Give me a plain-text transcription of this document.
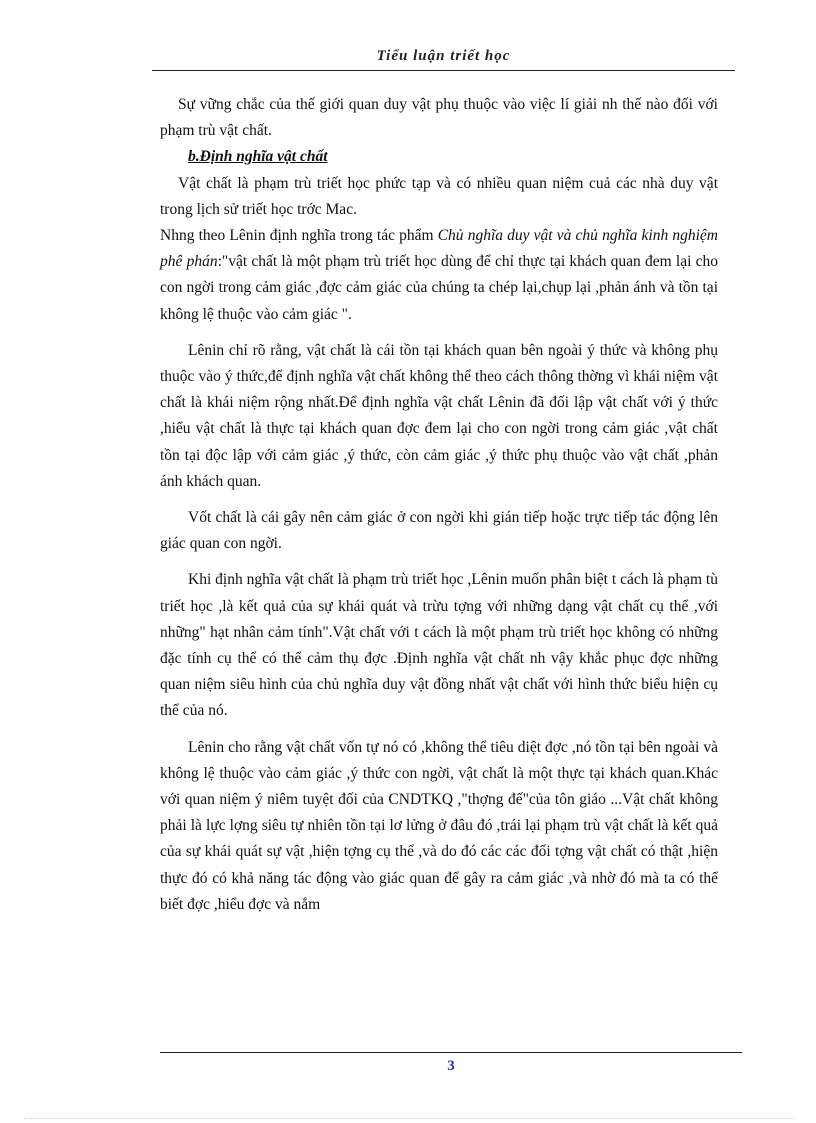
Tiểu luận triết học

Sự vững chắc của thế giới quan duy vật phụ thuộc vào việc lí giải nh thế nào đối với phạm trù vật chất.

b.Định nghĩa vật chất

Vật chất là phạm trù triết học phức tạp và có nhiều quan niệm cuả các nhà duy vật trong lịch sử triết học trớc Mac.

Nhng theo Lênin định nghĩa trong tác phẩm Chủ nghĩa duy vật và chủ nghĩa kinh nghiệm phê phán:"vật chất là một phạm trù triết học dùng để chỉ thực tại khách quan đem lại cho con ngời trong cảm giác ,đợc cảm giác của chúng ta chép lại,chụp lại ,phản ánh và tồn tại không lệ thuộc vào cảm giác ".

Lênin chỉ rõ rằng, vật chất là cái tồn tại khách quan bên ngoài ý thức và không phụ thuộc vào ý thức,để định nghĩa vật chất không thể theo cách thông thờng vì khái niệm vật chất là khái niệm rộng nhất.Để định nghĩa vật chất Lênin đã đối lập vật chất với ý thức ,hiểu vật chất là thực tại khách quan đợc đem lại cho con ngời trong cảm giác ,vật chất tồn tại độc lập với cảm giác ,ý thức, còn cảm giác ,ý thức phụ thuộc vào vật chất ,phản ánh khách quan.

Vốt chất là cái gây nên cảm giác ở con ngời khi gián tiếp hoặc trực tiếp tác động lên giác quan con ngời.

Khi định nghĩa vật chất là phạm trù triết học ,Lênin muốn phân biệt t cách là phạm tù triết học ,là kết quả của sự khái quát và trừu tợng với những dạng vật chất cụ thể ,với những" hạt nhân cảm tính".Vật chất với t cách là một phạm trù triết học không có những đặc tính cụ thể có thể cảm thụ đợc .Định nghĩa vật chất nh vậy khắc phục đợc những quan niệm siêu hình của chủ nghĩa duy vật đồng nhất vật chất với hình thức biểu hiện cụ thể của nó.

Lênin cho rằng vật chất vốn tự nó có ,không thể tiêu diệt đợc ,nó tồn tại bên ngoài và không lệ thuộc vào cảm giác ,ý thức con ngời, vật chất là một thực tại khách quan.Khác với quan niệm ý niêm tuyệt đối của CNDTKQ ,"thợng đế"của tôn giáo ...Vật chất không phải là lực lợng siêu tự nhiên tồn tại lơ lửng ở đâu đó ,trái lại phạm trù vật chất là kết quả của sự khái quát sự vật ,hiện tợng cụ thể ,và do đó các các đối tợng vật chất có thật ,hiện thực đó có khả năng tác động vào giác quan để gây ra cảm giác ,và nhờ đó mà ta có thể biết đợc ,hiểu đợc và nắm

3
